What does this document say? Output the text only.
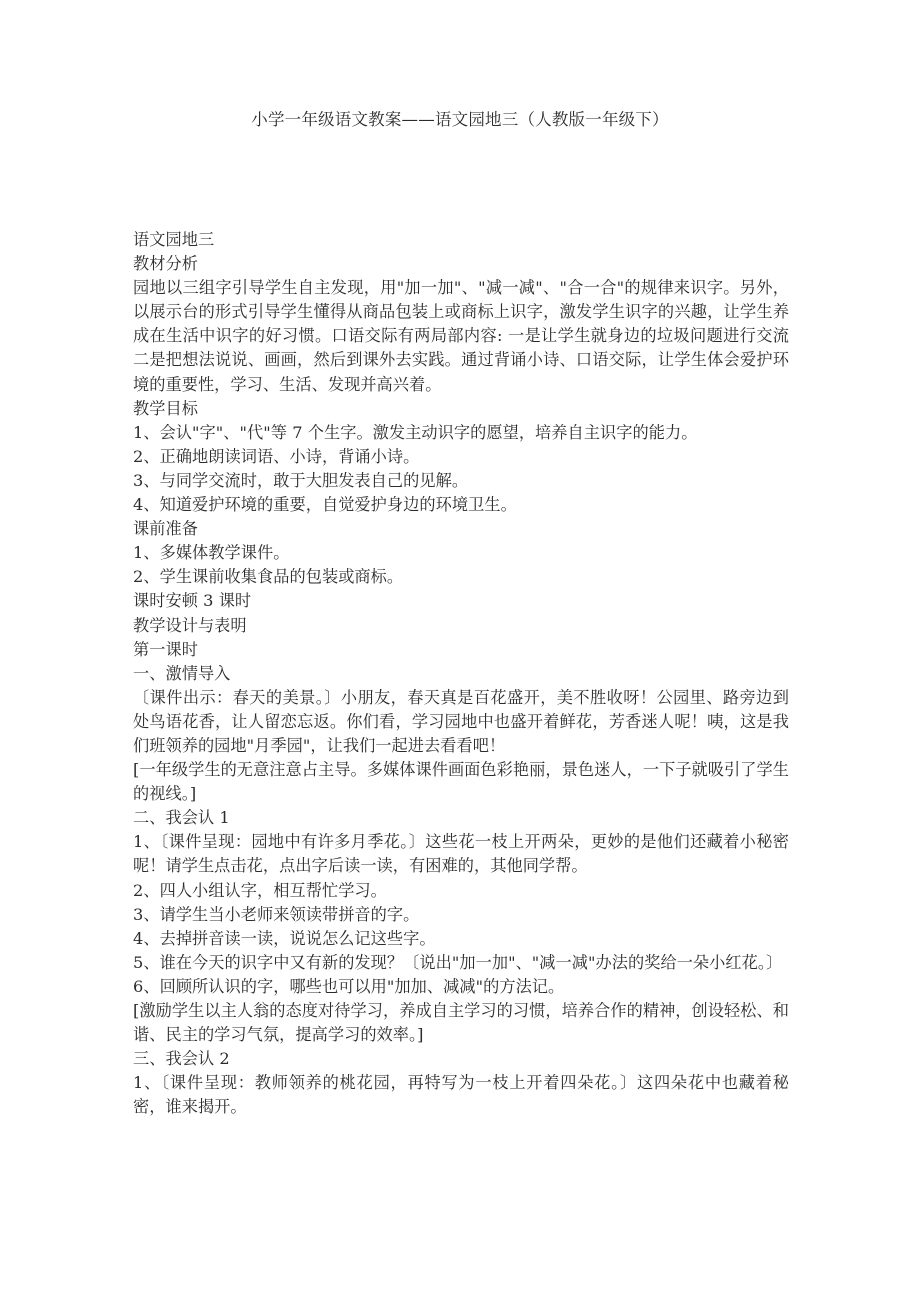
小学一年级语文教案——语文园地三（人教版一年级下）

语文园地三

教材分析

园地以三组字引导学生自主发现，用"加一加"、"减一减"、"合一合"的规律来识字。另外，以展示台的形式引导学生懂得从商品包装上或商标上识字，激发学生识字的兴趣，让学生养成在生活中识字的好习惯。口语交际有两局部内容: 一是让学生就身边的垃圾问题进行交流二是把想法说说、画画，然后到课外去实践。通过背诵小诗、口语交际，让学生体会爱护环境的重要性，学习、生活、发现并高兴着。

教学目标

1、会认"字"、"代"等 7 个生字。激发主动识字的愿望，培养自主识字的能力。

2、正确地朗读词语、小诗，背诵小诗。

3、与同学交流时，敢于大胆发表自己的见解。

4、知道爱护环境的重要，自觉爱护身边的环境卫生。

课前准备

1、多媒体教学课件。

2、学生课前收集食品的包装或商标。

课时安顿 3 课时

教学设计与表明

第一课时

一、激情导入

〔课件出示：春天的美景。〕小朋友，春天真是百花盛开，美不胜收呀！公园里、路旁边到处鸟语花香，让人留恋忘返。你们看，学习园地中也盛开着鲜花，芳香迷人呢！咦，这是我们班领养的园地"月季园"，让我们一起进去看看吧！

[一年级学生的无意注意占主导。多媒体课件画面色彩艳丽，景色迷人，一下子就吸引了学生的视线。]

二、我会认 1

1、〔课件呈现：园地中有许多月季花。〕这些花一枝上开两朵，更妙的是他们还藏着小秘密呢！请学生点击花，点出字后读一读，有困难的，其他同学帮。

2、四人小组认字，相互帮忙学习。

3、请学生当小老师来领读带拼音的字。

4、去掉拼音读一读，说说怎么记这些字。

5、谁在今天的识字中又有新的发现？〔说出"加一加"、"减一减"办法的奖给一朵小红花。〕

6、回顾所认识的字，哪些也可以用"加加、减减"的方法记。

[激励学生以主人翁的态度对待学习，养成自主学习的习惯，培养合作的精神，创设轻松、和谐、民主的学习气氛，提高学习的效率。]

三、我会认 2

1、〔课件呈现：教师领养的桃花园，再特写为一枝上开着四朵花。〕这四朵花中也藏着秘密，谁来揭开。
